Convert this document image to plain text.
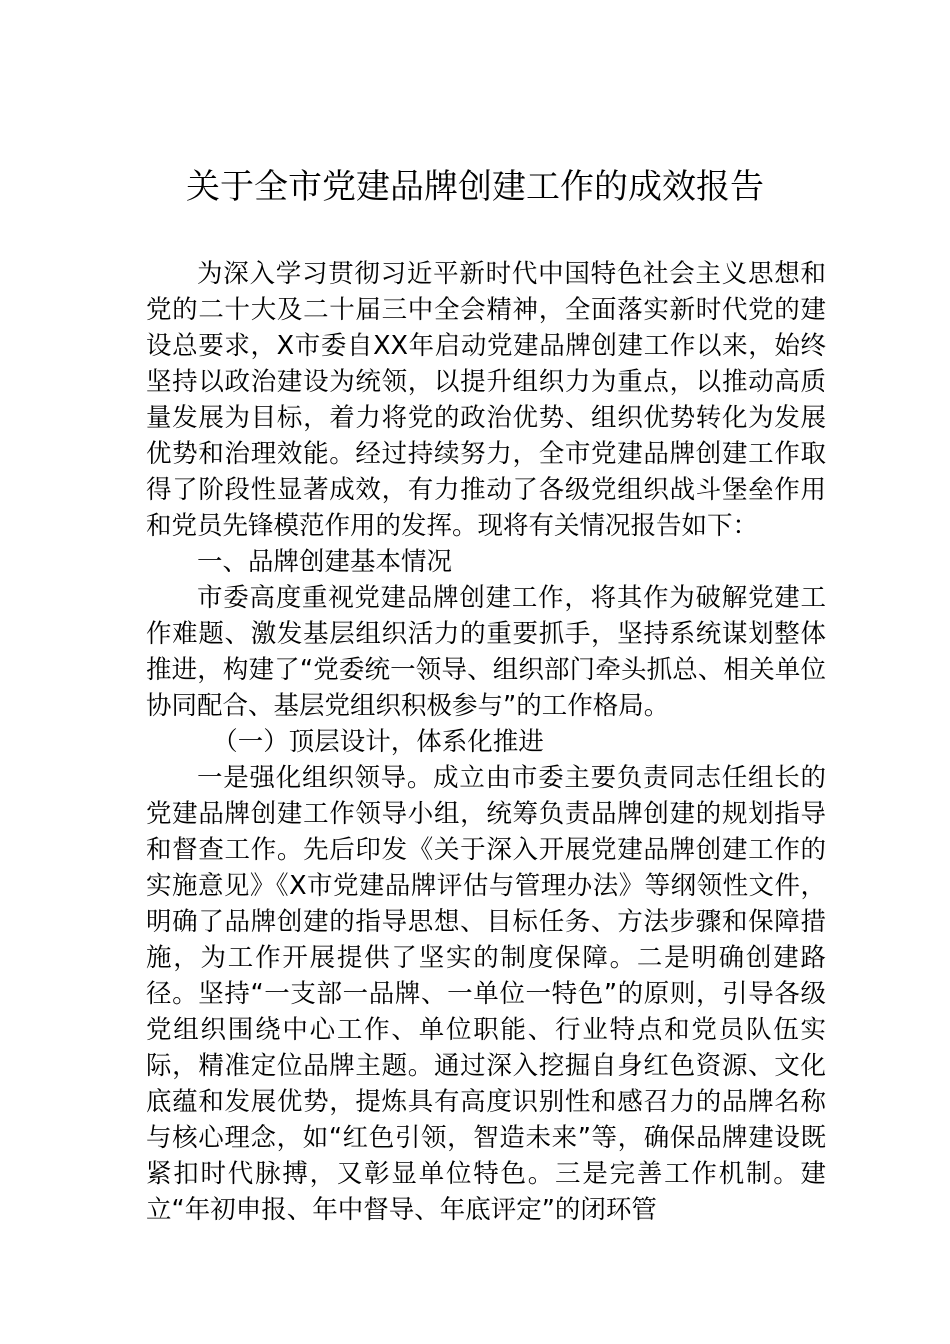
关于全市党建品牌创建工作的成效报告

为深入学习贯彻习近平新时代中国特色社会主义思想和党的二十大及二十届三中全会精神，全面落实新时代党的建设总要求，X市委自XX年启动党建品牌创建工作以来，始终坚持以政治建设为统领，以提升组织力为重点，以推动高质量发展为目标，着力将党的政治优势、组织优势转化为发展优势和治理效能。经过持续努力，全市党建品牌创建工作取得了阶段性显著成效，有力推动了各级党组织战斗堡垒作用和党员先锋模范作用的发挥。现将有关情况报告如下：

一、品牌创建基本情况

市委高度重视党建品牌创建工作，将其作为破解党建工作难题、激发基层组织活力的重要抓手，坚持系统谋划整体推进，构建了“党委统一领导、组织部门牵头抓总、相关单位协同配合、基层党组织积极参与”的工作格局。

（一）顶层设计，体系化推进

一是强化组织领导。成立由市委主要负责同志任组长的党建品牌创建工作领导小组，统筹负责品牌创建的规划指导和督查工作。先后印发《关于深入开展党建品牌创建工作的实施意见》《X市党建品牌评估与管理办法》等纲领性文件，明确了品牌创建的指导思想、目标任务、方法步骤和保障措施，为工作开展提供了坚实的制度保障。二是明确创建路径。坚持“一支部一品牌、一单位一特色”的原则，引导各级党组织围绕中心工作、单位职能、行业特点和党员队伍实际，精准定位品牌主题。通过深入挖掘自身红色资源、文化底蕴和发展优势，提炼具有高度识别性和感召力的品牌名称与核心理念，如“红色引领，智造未来”等，确保品牌建设既紧扣时代脉搏，又彰显单位特色。三是完善工作机制。建立“年初申报、年中督导、年底评定”的闭环管
